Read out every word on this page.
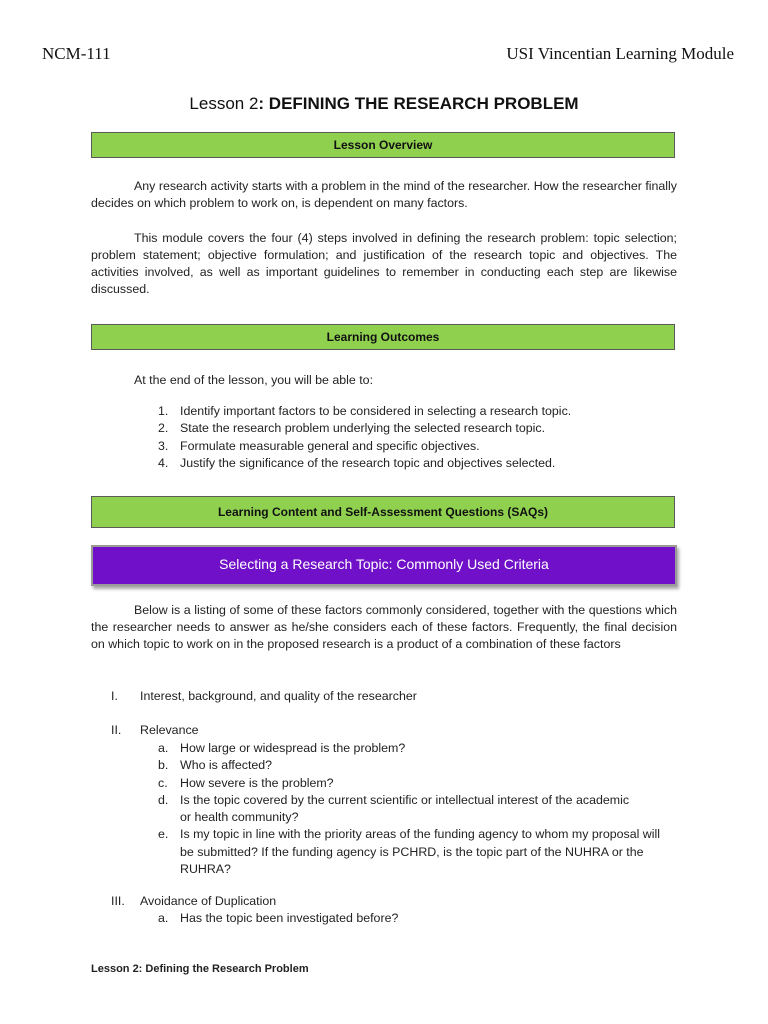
NCM-111	USI Vincentian Learning Module
Lesson 2: DEFINING THE RESEARCH PROBLEM
Lesson Overview

Any research activity starts with a problem in the mind of the researcher. How the researcher finally decides on which problem to work on, is dependent on many factors.

This module covers the four (4) steps involved in defining the research problem: topic selection; problem statement; objective formulation; and justification of the research topic and objectives. The activities involved, as well as important guidelines to remember in conducting each step are likewise discussed.

Learning Outcomes
At the end of the lesson, you will be able to:
1. Identify important factors to be considered in selecting a research topic.
2. State the research problem underlying the selected research topic.
3. Formulate measurable general and specific objectives.
4. Justify the significance of the research topic and objectives selected.
Learning Content and Self-Assessment Questions (SAQs)
Selecting a Research Topic: Commonly Used Criteria

Below is a listing of some of these factors commonly considered, together with the questions which the researcher needs to answer as he/she considers each of these factors. Frequently, the final decision on which topic to work on in the proposed research is a product of a combination of these factors

I. Interest, background, and quality of the researcher
II. Relevance
a. How large or widespread is the problem?
b. Who is affected?
c. How severe is the problem?
d. Is the topic covered by the current scientific or intellectual interest of the academic or health community?
e. Is my topic in line with the priority areas of the funding agency to whom my proposal will be submitted? If the funding agency is PCHRD, is the topic part of the NUHRA or the RUHRA?
III. Avoidance of Duplication
a. Has the topic been investigated before?
Lesson 2: Defining the Research Problem
